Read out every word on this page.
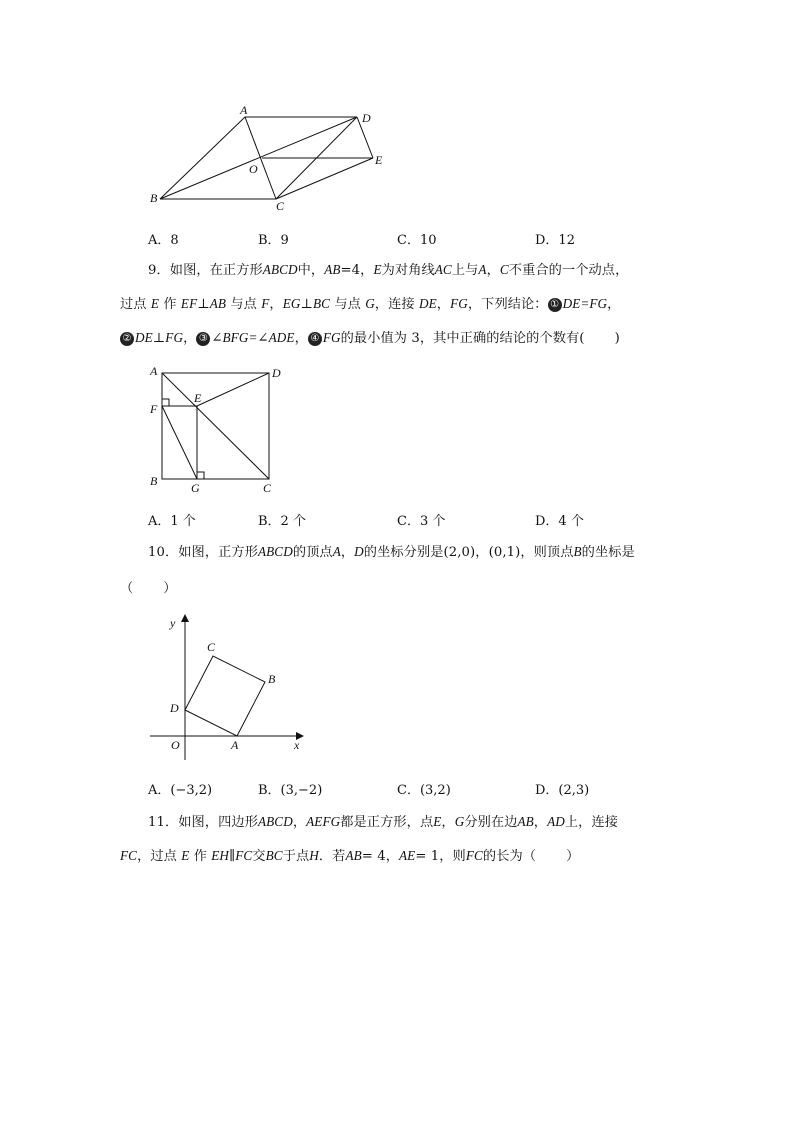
A
D
E
O
B
C
A．8	B．9	C．10	D．12
9．如图，在正方形ABCD中，AB=4，E为对角线AC上与A，C不重合的一个动点，
过点 E 作 EF⊥AB 与点 F，EG⊥BC 与点 G，连接 DE，FG，下列结论： ① DE=FG，
② DE⊥FG， ③ ∠BFG=∠ADE， ④ FG的最小值为 3，其中正确的结论的个数有( )
A	D
F
E
B	G	C
A．1 个	B．2 个	C．3 个	D．4 个
10．如图，正方形ABCD的顶点A，D的坐标分别是(2,0)，(0,1)，则顶点B的坐标是
（ ）
y
C
B
D
O	A	x
A．(−3,2)	B．(3,−2)	C．(3,2)	D．(2,3)
11．如图，四边形ABCD，AEFG都是正方形，点E，G分别在边AB，AD上，连接
FC，过点 E 作 EH∥FC交BC于点H．若AB= 4，AE= 1，则FC的长为（ ）
